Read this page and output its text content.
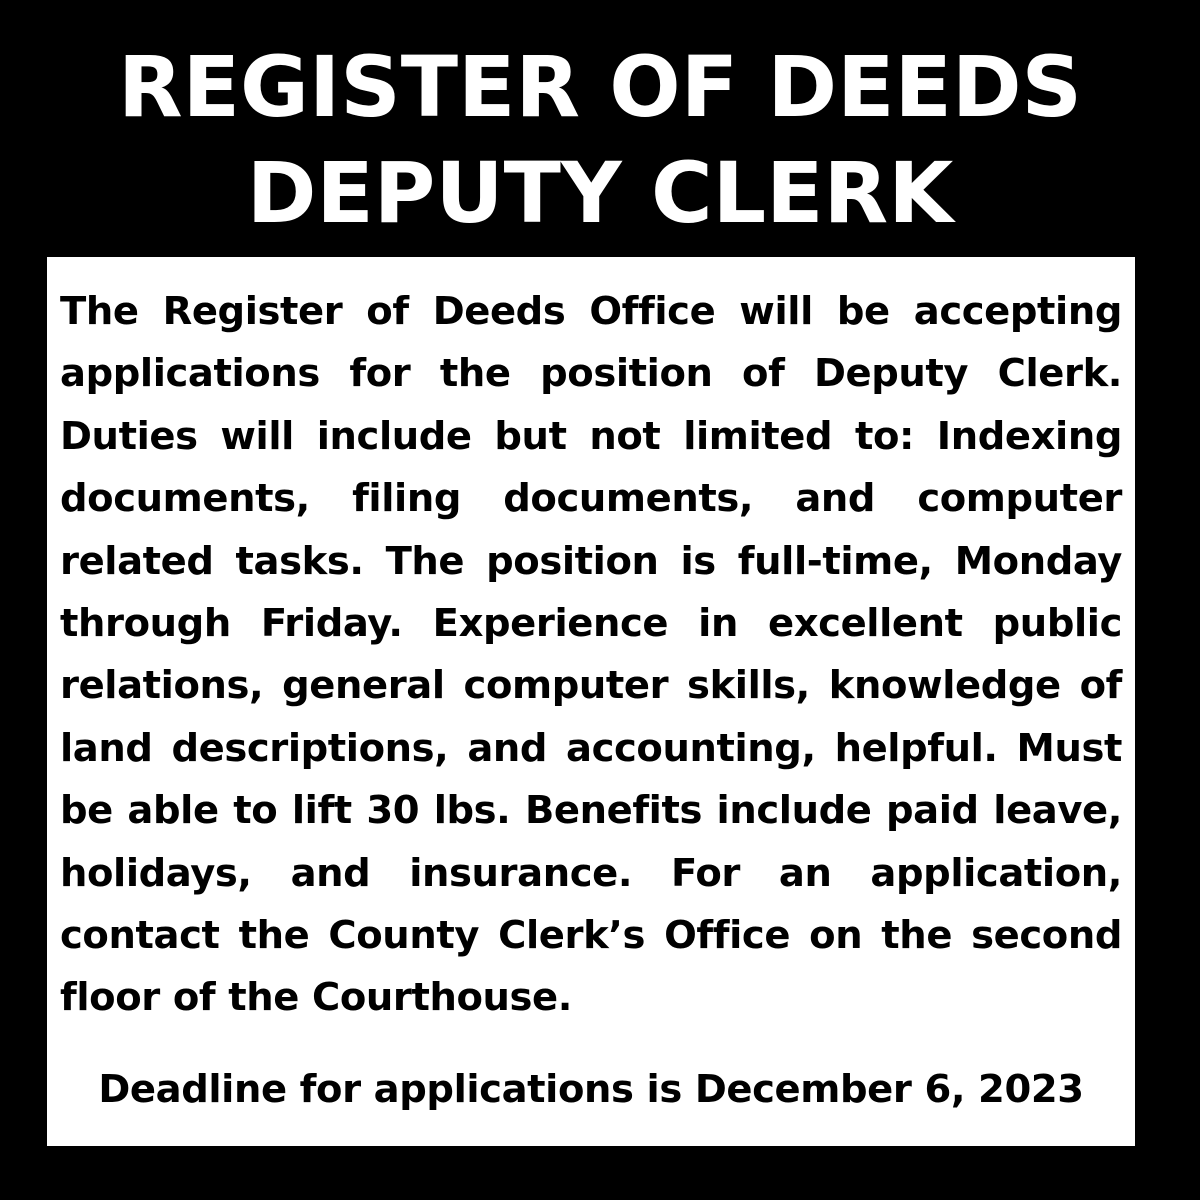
REGISTER OF DEEDS
DEPUTY CLERK

The Register of Deeds Office will be accepting applications for the position of Deputy Clerk. Duties will include but not limited to: Indexing documents, filing documents, and computer related tasks. The position is full-time, Monday through Friday. Experience in excellent public relations, general computer skills, knowledge of land descriptions, and accounting, helpful. Must be able to lift 30 lbs. Benefits include paid leave, holidays, and insurance. For an application, contact the County Clerk’s Office on the second floor of the Courthouse.

Deadline for applications is December 6, 2023
